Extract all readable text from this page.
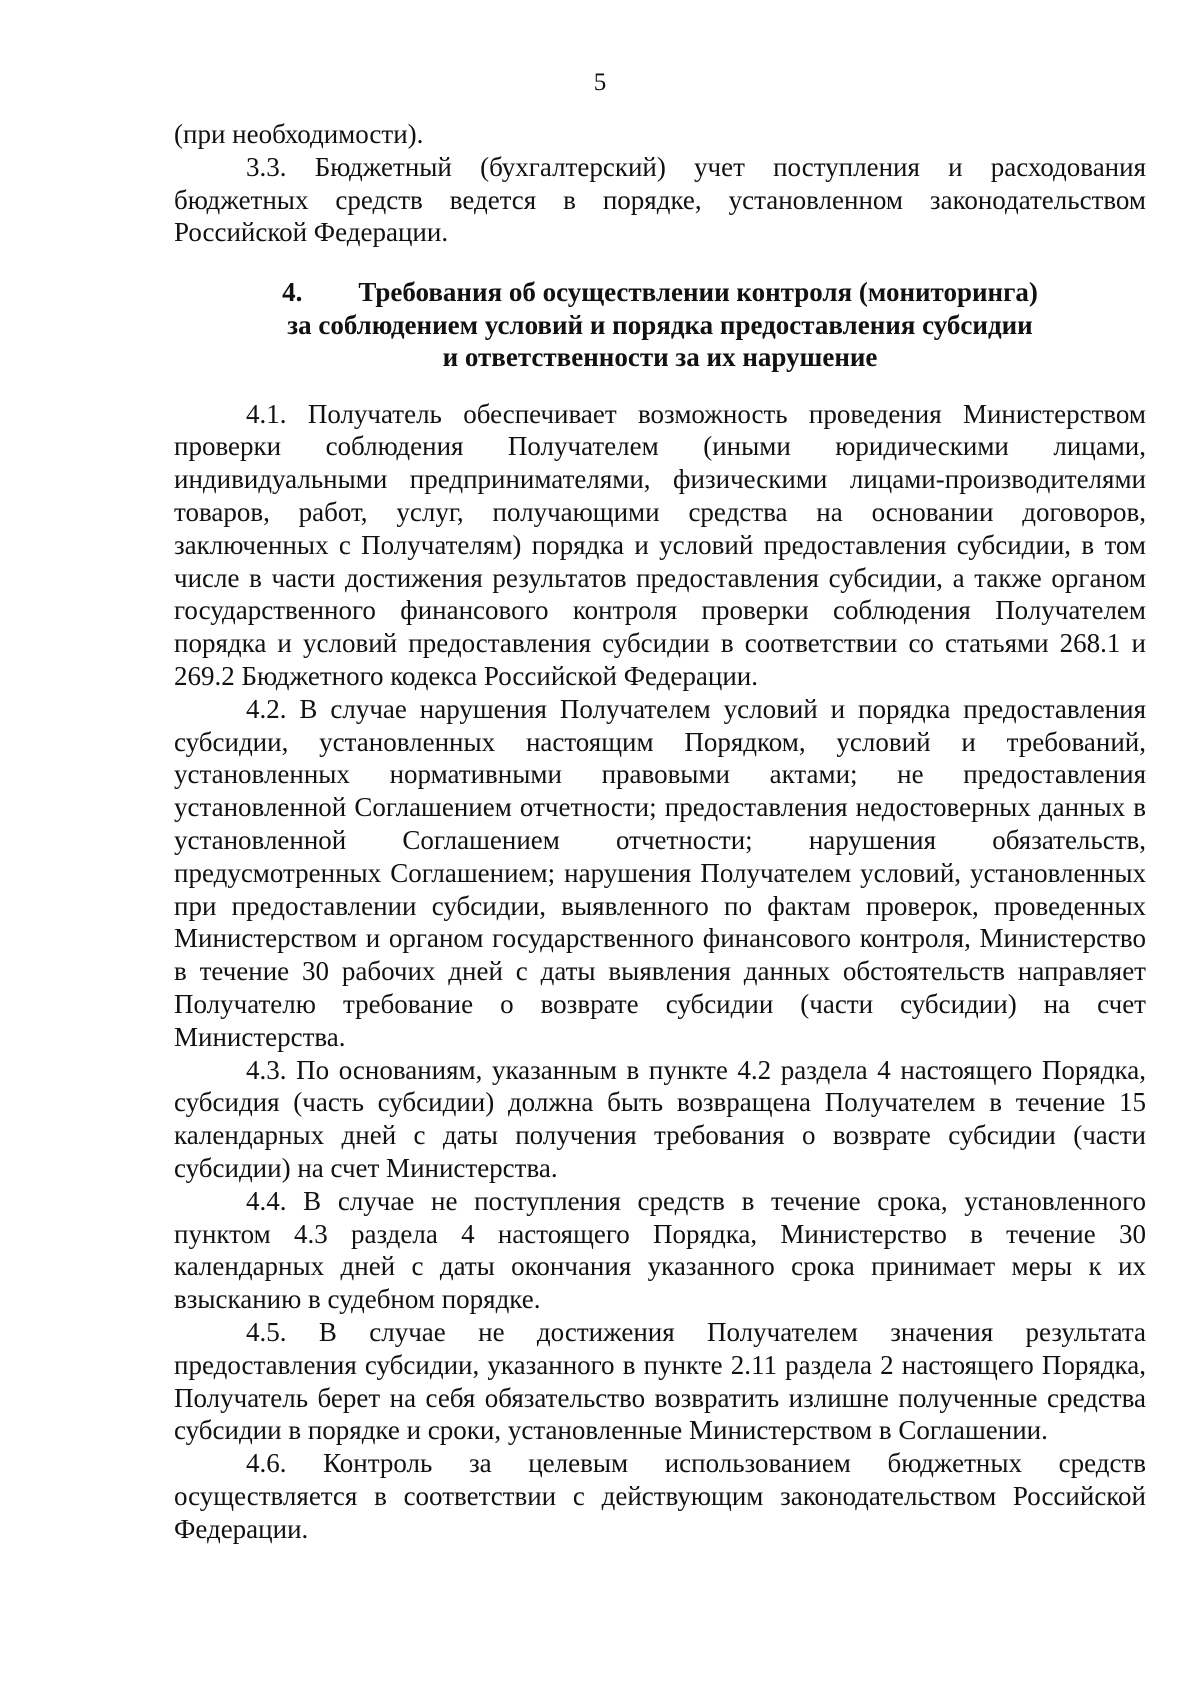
5

(при необходимости).

3.3. Бюджетный (бухгалтерский) учет поступления и расходования бюджетных средств ведется в порядке, установленном законодательством Российской Федерации.

4. Требования об осуществлении контроля (мониторинга)
за соблюдением условий и порядка предоставления субсидии
и ответственности за их нарушение

4.1. Получатель обеспечивает возможность проведения Министерством проверки соблюдения Получателем (иными юридическими лицами, индивидуальными предпринимателями, физическими лицами-производителями товаров, работ, услуг, получающими средства на основании договоров, заключенных с Получателям) порядка и условий предоставления субсидии, в том числе в части достижения результатов предоставления субсидии, а также органом государственного финансового контроля проверки соблюдения Получателем порядка и условий предоставления субсидии в соответствии со статьями 268.1 и 269.2 Бюджетного кодекса Российской Федерации.

4.2. В случае нарушения Получателем условий и порядка предоставления субсидии, установленных настоящим Порядком, условий и требований, установленных нормативными правовыми актами; не предоставления установленной Соглашением отчетности; предоставления недостоверных данных в установленной Соглашением отчетности; нарушения обязательств, предусмотренных Соглашением; нарушения Получателем условий, установленных при предоставлении субсидии, выявленного по фактам проверок, проведенных Министерством и органом государственного финансового контроля, Министерство в течение 30 рабочих дней с даты выявления данных обстоятельств направляет Получателю требование о возврате субсидии (части субсидии) на счет Министерства.

4.3. По основаниям, указанным в пункте 4.2 раздела 4 настоящего Порядка, субсидия (часть субсидии) должна быть возвращена Получателем в течение 15 календарных дней с даты получения требования о возврате субсидии (части субсидии) на счет Министерства.

4.4. В случае не поступления средств в течение срока, установленного пунктом 4.3 раздела 4 настоящего Порядка, Министерство в течение 30 календарных дней с даты окончания указанного срока принимает меры к их взысканию в судебном порядке.

4.5. В случае не достижения Получателем значения результата предоставления субсидии, указанного в пункте 2.11 раздела 2 настоящего Порядка, Получатель берет на себя обязательство возвратить излишне полученные средства субсидии в порядке и сроки, установленные Министерством в Соглашении.

4.6. Контроль за целевым использованием бюджетных средств осуществляется в соответствии с действующим законодательством Российской Федерации.
